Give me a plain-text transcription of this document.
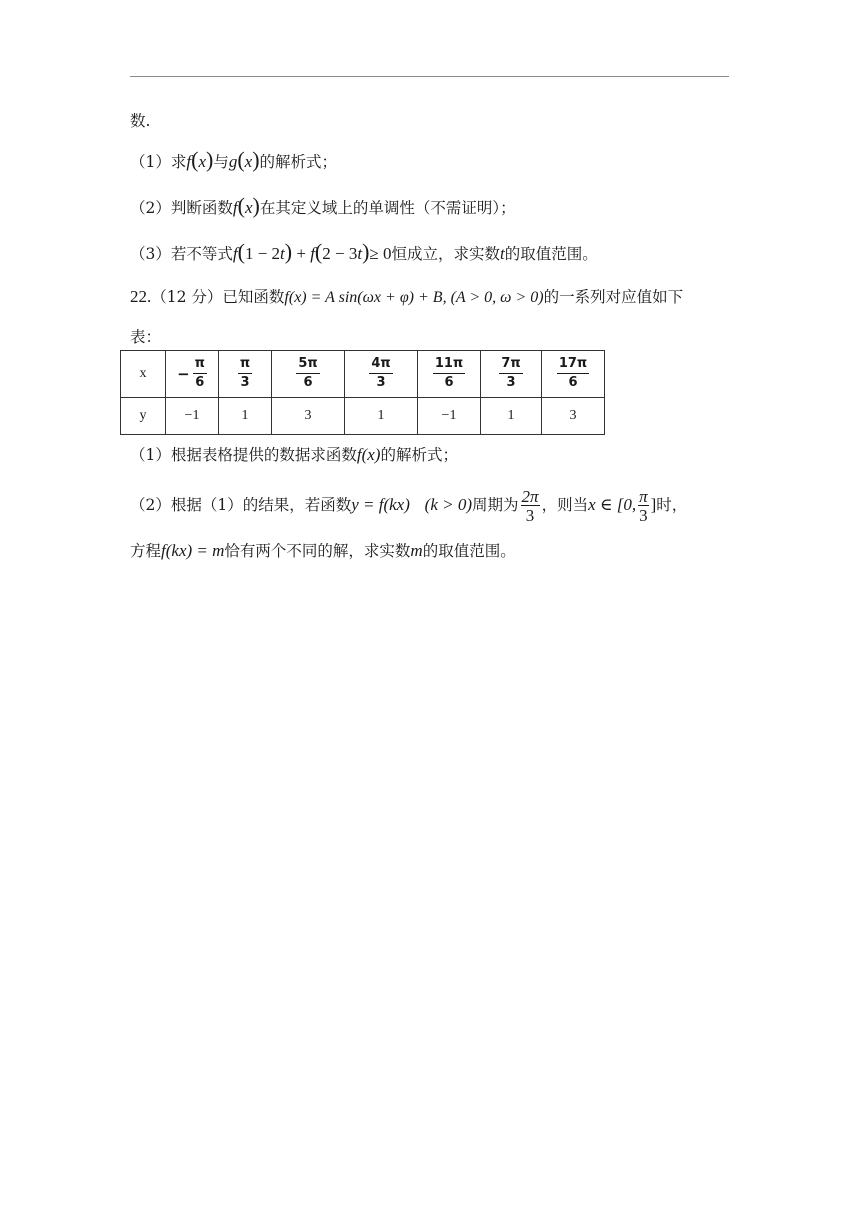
数.
（1）求f(x)与g(x)的解析式；
（2）判断函数f(x)在其定义域上的单调性（不需证明）；
（3）若不等式f(1 − 2t) + f(2 − 3t)≥ 0恒成立，求实数t的取值范围。
22.（12 分）已知函数f(x) = A sin(ωx + φ) + B, (A > 0, ω > 0)的一系列对应值如下
表：
x	− $\frac{\pi}{6}$	$\frac{\pi}{3}$	$\frac{5\pi}{6}$	$\frac{4\pi}{3}$	$\frac{11\pi}{6}$	$\frac{7\pi}{3}$	$\frac{17\pi}{6}$

y	−1	1	3	1	−1	1	3
（1）根据表格提供的数据求函数f(x)的解析式；
（2）根据（1）的结果，若函数y = f(kx) (k > 0)周期为 $\frac{2\pi}{3}$ ，则当x ∈ [0, $\frac{\pi}{3}$ ]时，
方程f(kx) = m恰有两个不同的解，求实数m的取值范围。
